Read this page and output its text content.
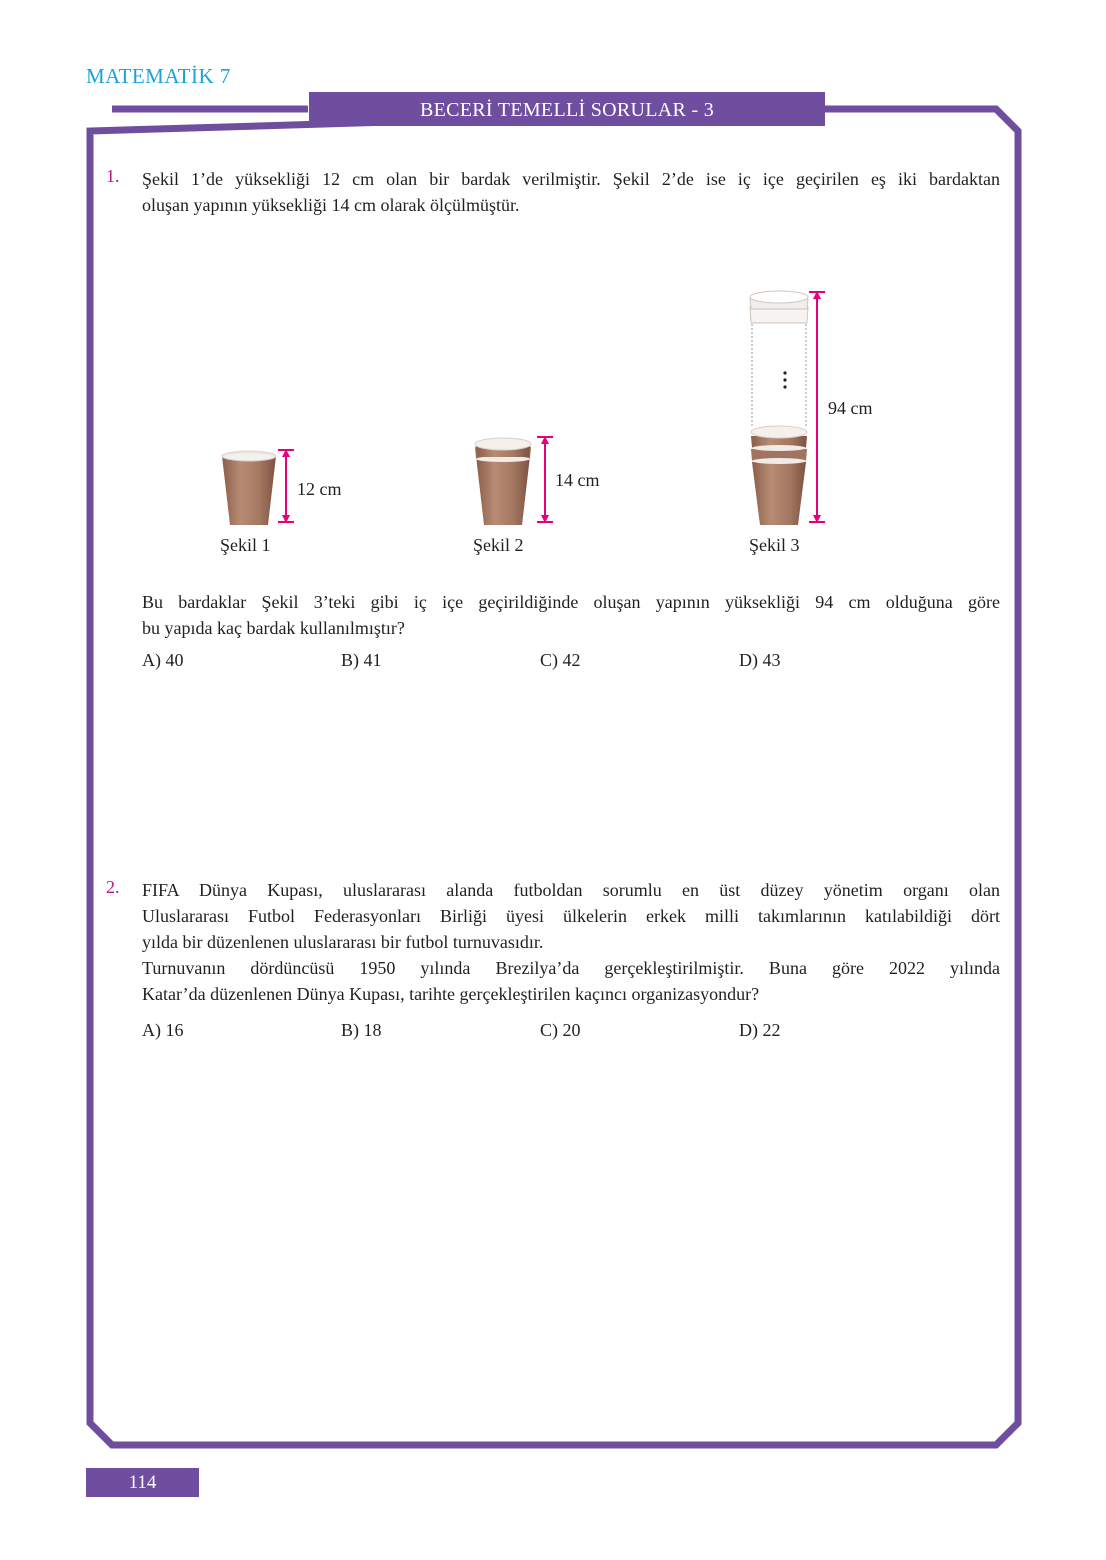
MATEMATİK 7
BECERİ TEMELLİ SORULAR - 3
1. Şekil 1’de yüksekliği 12 cm olan bir bardak verilmiştir. Şekil 2’de ise iç içe geçirilen eş iki bardaktan
oluşan yapının yüksekliği 14 cm olarak ölçülmüştür.
12 cm	14 cm
94 cm
Şekil 1	Şekil 2	Şekil 3
Bu bardaklar Şekil 3’teki gibi iç içe geçirildiğinde oluşan yapının yüksekliği 94 cm olduğuna göre
bu yapıda kaç bardak kullanılmıştır?
A) 40	B) 41	C) 42	D) 43
2. FIFA Dünya Kupası, uluslararası alanda futboldan sorumlu en üst düzey yönetim organı olan
Uluslararası Futbol Federasyonları Birliği üyesi ülkelerin erkek milli takımlarının katılabildiği dört
yılda bir düzenlenen uluslararası bir futbol turnuvasıdır.
Turnuvanın dördüncüsü 1950 yılında Brezilya’da gerçekleştirilmiştir. Buna göre 2022 yılında
Katar’da düzenlenen Dünya Kupası, tarihte gerçekleştirilen kaçıncı organizasyondur?
A) 16	B) 18	C) 20	D) 22
114
